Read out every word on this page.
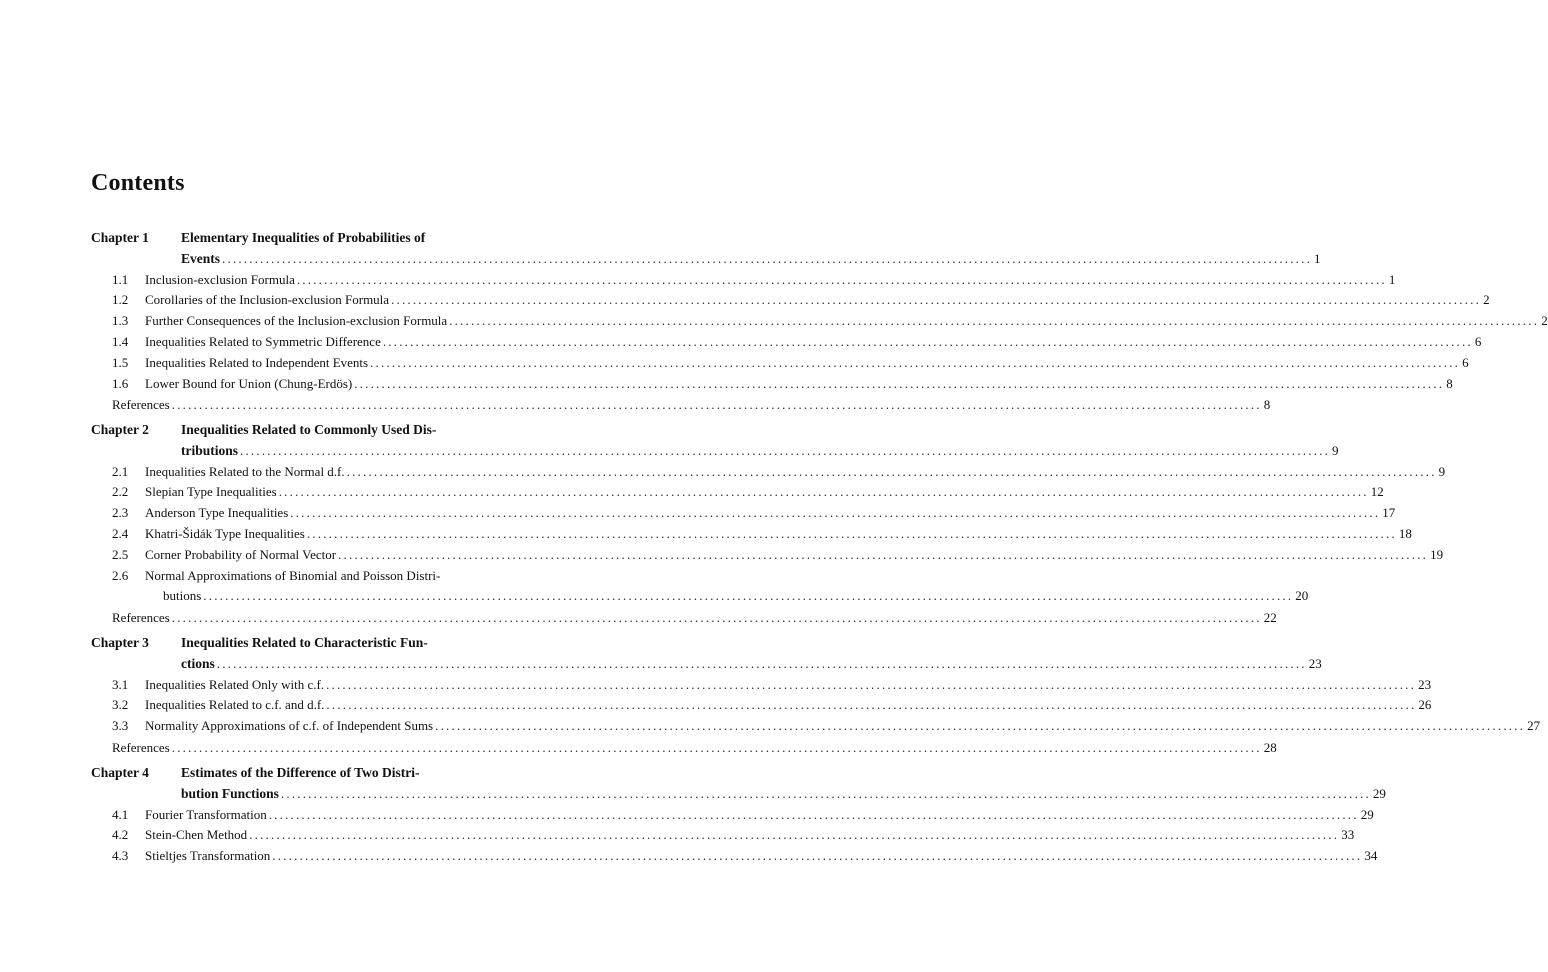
Contents
Chapter 1 Elementary Inequalities of Probabilities of
Events ........................................................................................................................................................................................................ 1
1.1 Inclusion-exclusion Formula ........................................................................................................................................................................................................ 1
1.2 Corollaries of the Inclusion-exclusion Formula ........................................................................................................................................................................................................ 2
1.3 Further Consequences of the Inclusion-exclusion Formula ........................................................................................................................................................................................................ 2
1.4 Inequalities Related to Symmetric Difference ........................................................................................................................................................................................................ 6
1.5 Inequalities Related to Independent Events ........................................................................................................................................................................................................ 6
1.6 Lower Bound for Union (Chung-Erdös) ........................................................................................................................................................................................................ 8
References ........................................................................................................................................................................................................ 8
Chapter 2 Inequalities Related to Commonly Used Dis-
tributions ........................................................................................................................................................................................................ 9
2.1 Inequalities Related to the Normal d.f. ........................................................................................................................................................................................................ 9
2.2 Slepian Type Inequalities ........................................................................................................................................................................................................ 12
2.3 Anderson Type Inequalities ........................................................................................................................................................................................................ 17
2.4 Khatri-Šidák Type Inequalities ........................................................................................................................................................................................................ 18
2.5 Corner Probability of Normal Vector ........................................................................................................................................................................................................ 19
2.6 Normal Approximations of Binomial and Poisson Distri-
butions ........................................................................................................................................................................................................ 20
References ........................................................................................................................................................................................................ 22
Chapter 3 Inequalities Related to Characteristic Fun-
ctions ........................................................................................................................................................................................................ 23
3.1 Inequalities Related Only with c.f. ........................................................................................................................................................................................................ 23
3.2 Inequalities Related to c.f. and d.f. ........................................................................................................................................................................................................ 26
3.3 Normality Approximations of c.f. of Independent Sums ........................................................................................................................................................................................................ 27
References ........................................................................................................................................................................................................ 28
Chapter 4 Estimates of the Difference of Two Distri-
bution Functions ........................................................................................................................................................................................................ 29
4.1 Fourier Transformation ........................................................................................................................................................................................................ 29
4.2 Stein-Chen Method ........................................................................................................................................................................................................ 33
4.3 Stieltjes Transformation ........................................................................................................................................................................................................ 34
